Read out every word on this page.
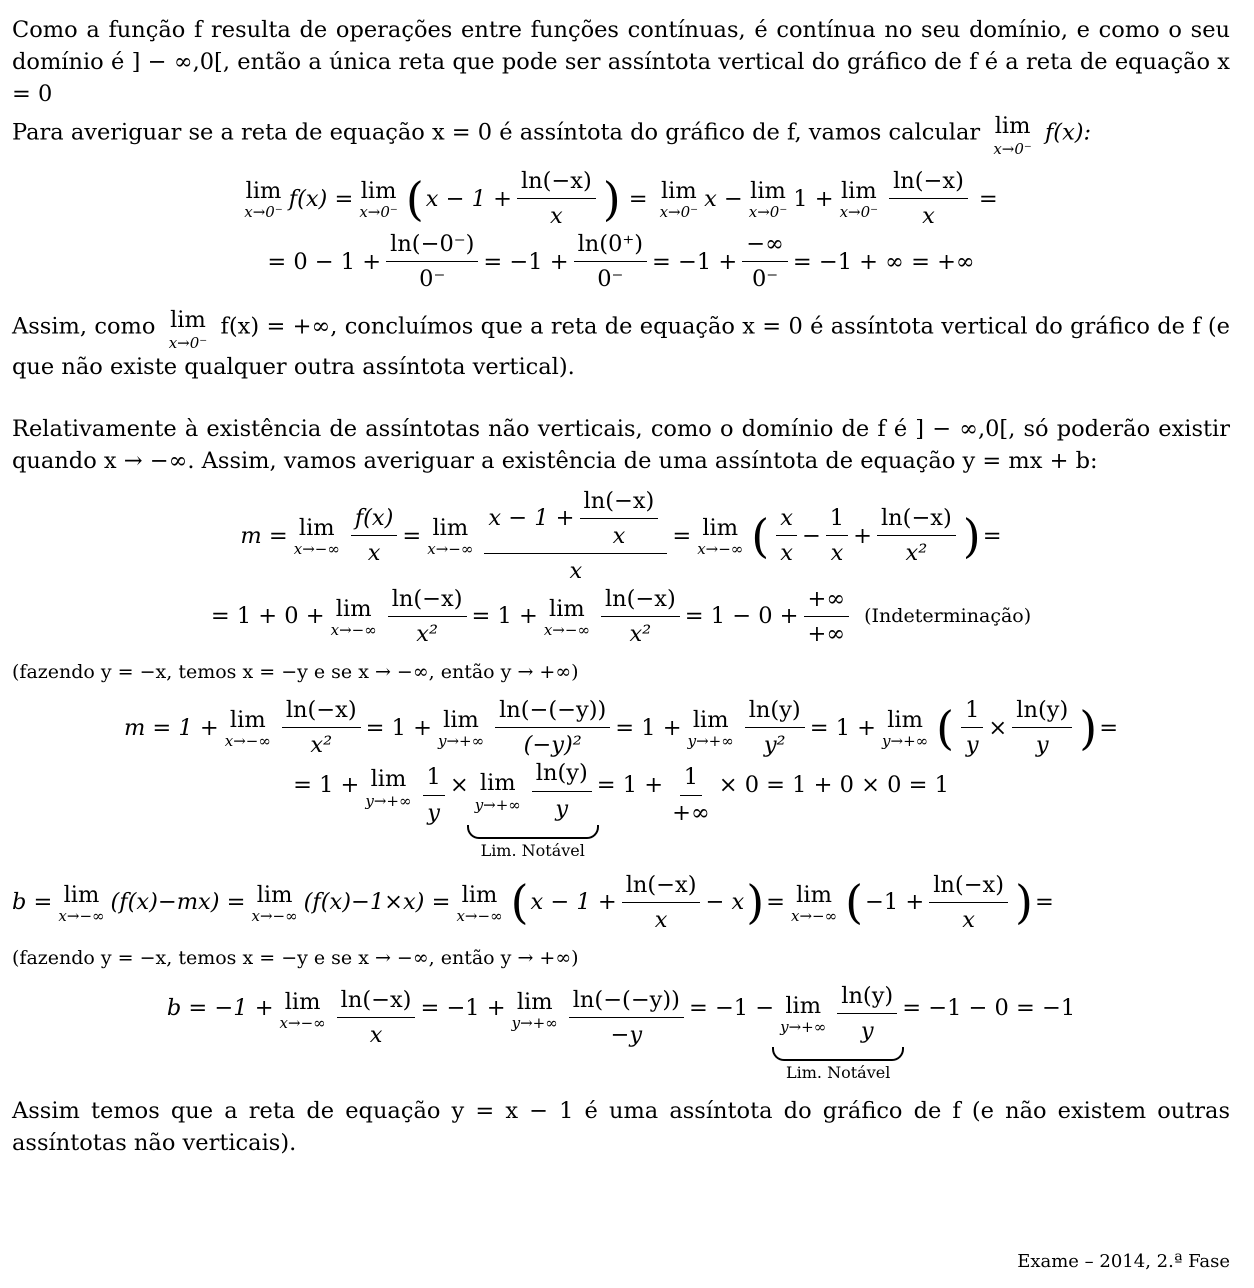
Como a função f resulta de operações entre funções contínuas, é contínua no seu domínio, e como o seu domínio é ] − ∞,0[, então a única reta que pode ser assíntota vertical do gráfico de f é a reta de equação x = 0

Para averiguar se a reta de equação x = 0 é assíntota do gráfico de f, vamos calcular lim
x→0⁻
f(x):

lim
x→0⁻
f(x) = lim
x→0⁻ ( $x - 1 + \frac{\ln(-x)}{x}$ ) = lim
x→0⁻
x − lim
x→0⁻
1 + lim
$x\to 0^- \frac{\ln(-x)}{x}$ =
= $0 - 1 + \frac{\ln(-0^-)}{0^-} = -1 + \frac{\ln(0^+)}{0^-} = -1 + \frac{-\infty}{0^-} = -1$ + ∞ = +∞

Assim, como lim
x→0⁻
f(x) = +∞, concluímos que a reta de equação x = 0 é assíntota vertical do gráfico de f (e que não existe qualquer outra assíntota vertical).

Relativamente à existência de assíntotas não verticais, como o domínio de f é ] − ∞,0[, só poderão existir quando x → −∞. Assim, vamos averiguar a existência de uma assíntota de equação y = mx + b:

m = lim
$x\to-\infty \frac{f(x)}{x} = \lim$
$x\to-\infty \frac{x - 1 + \frac{\ln(-x)}{x}}{x} = \lim$
x→−∞ ( $\frac{x}{x} - \frac{1}{x} + \frac{\ln(-x)}{\text{x²}}$ ) =
= 1 + 0 + lim
$x\to-\infty \frac{\ln(-x)}{\text{x²}} = 1 + \lim$
$x\to-\infty \frac{\ln(-x)}{\text{x²}} = 1 - 0 + \frac{+\infty}{+\infty}$ (Indeterminação)
(fazendo y = −x, temos x = −y e se x → −∞, então y → +∞)
m = 1 + lim
$x\to-\infty \frac{\ln(-x)}{\text{x²}} = 1 + \lim$
$y\to+\infty \frac{\ln(-(-y))}{\text{(−y)²}} = 1 + \lim$
$y\to+\infty \frac{\ln(y)}{\text{y²}} = 1 + \lim$
y→+∞ ( $\frac{1}{y} \times \frac{\ln(y)}{y}$ ) =
= 1 + lim
$y\to+\infty \frac{1}{y} \times \lim$
$y\to+\infty \frac{\ln(y)}{y}$
Lim. Notável
= $1 + \frac{1}{+\infty} \times 0 = 1 + 0 \times 0 = 1$
b = lim
x→−∞
(f(x)−mx) = lim
x→−∞
(f(x)−1×x) = lim
x→−∞ ( $x - 1 + \frac{\ln(-x)}{x} - x$ ) = lim
x→−∞ ( $-1 + \frac{\ln(-x)}{x}$ ) =
(fazendo y = −x, temos x = −y e se x → −∞, então y → +∞)
b = −1 + lim
$x\to-\infty \frac{\ln(-x)}{x} = -1 + \lim$
$y\to+\infty \frac{\ln(-(-y))}{-y} = -1 - \lim$
$y\to+\infty \frac{\ln(y)}{y}$
Lim. Notável
= −1 − 0 = −1

Assim temos que a reta de equação y = x − 1 é uma assíntota do gráfico de f (e não existem outras assíntotas não verticais).

Exame – 2014, 2.ª Fase
